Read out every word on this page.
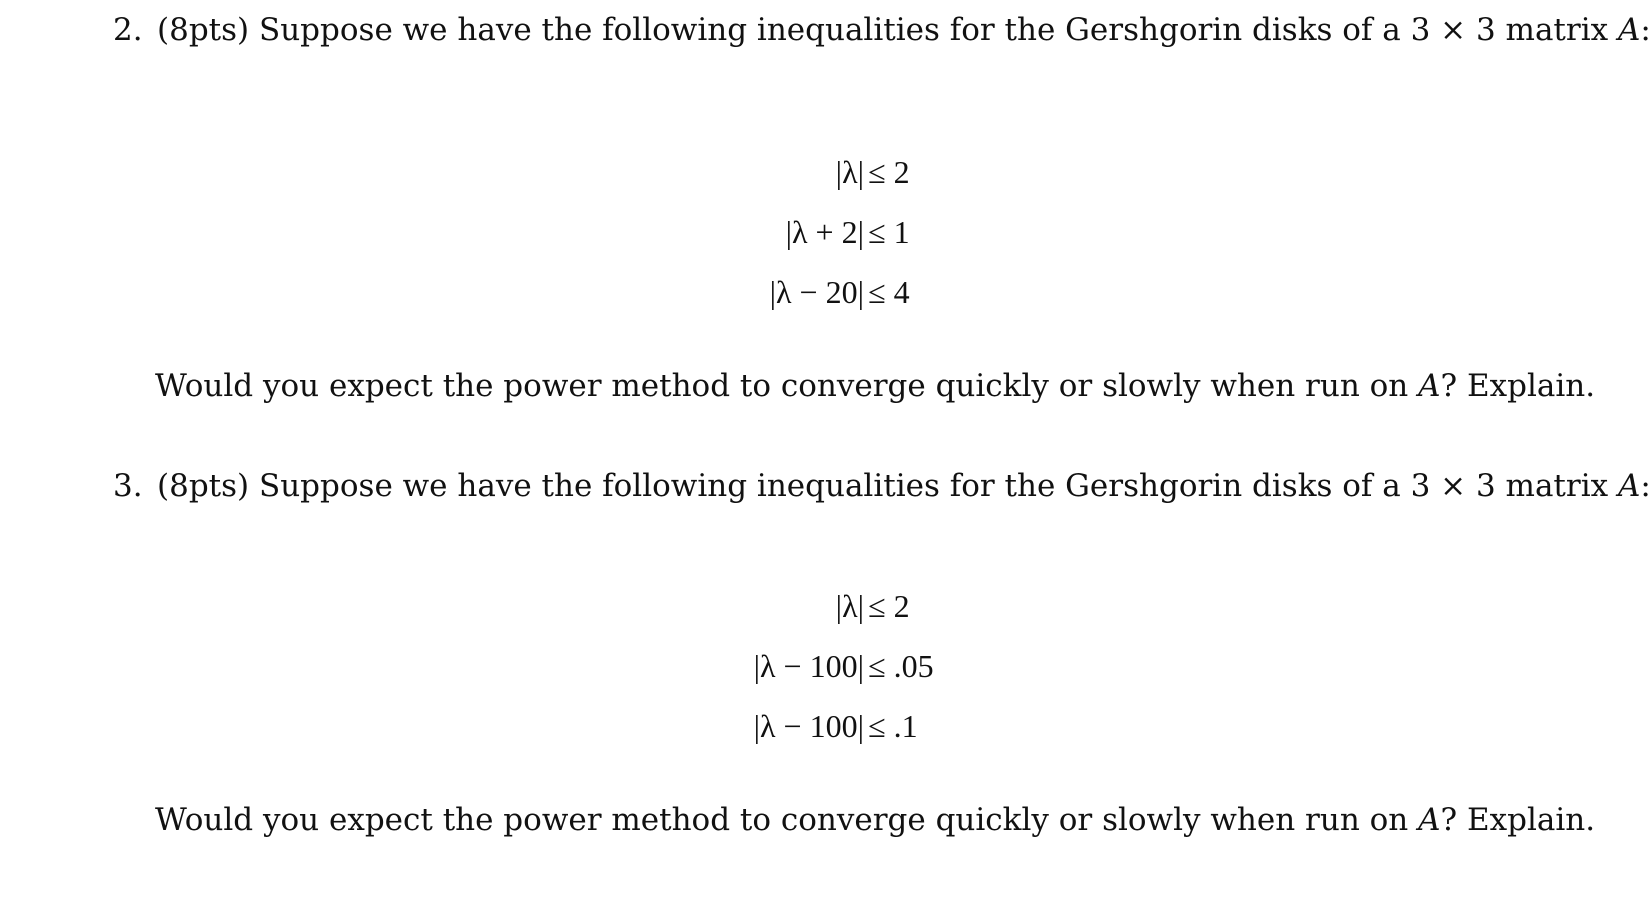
2. (8pts) Suppose we have the following inequalities for the Gershgorin disks of a 3 × 3 matrix A:
|λ| ≤ 2
|λ + 2| ≤ 1
|λ − 20| ≤ 4
Would you expect the power method to converge quickly or slowly when run on A? Explain.
3. (8pts) Suppose we have the following inequalities for the Gershgorin disks of a 3 × 3 matrix A:
|λ| ≤ 2
|λ − 100| ≤ .05
|λ − 100| ≤ .1
Would you expect the power method to converge quickly or slowly when run on A? Explain.
